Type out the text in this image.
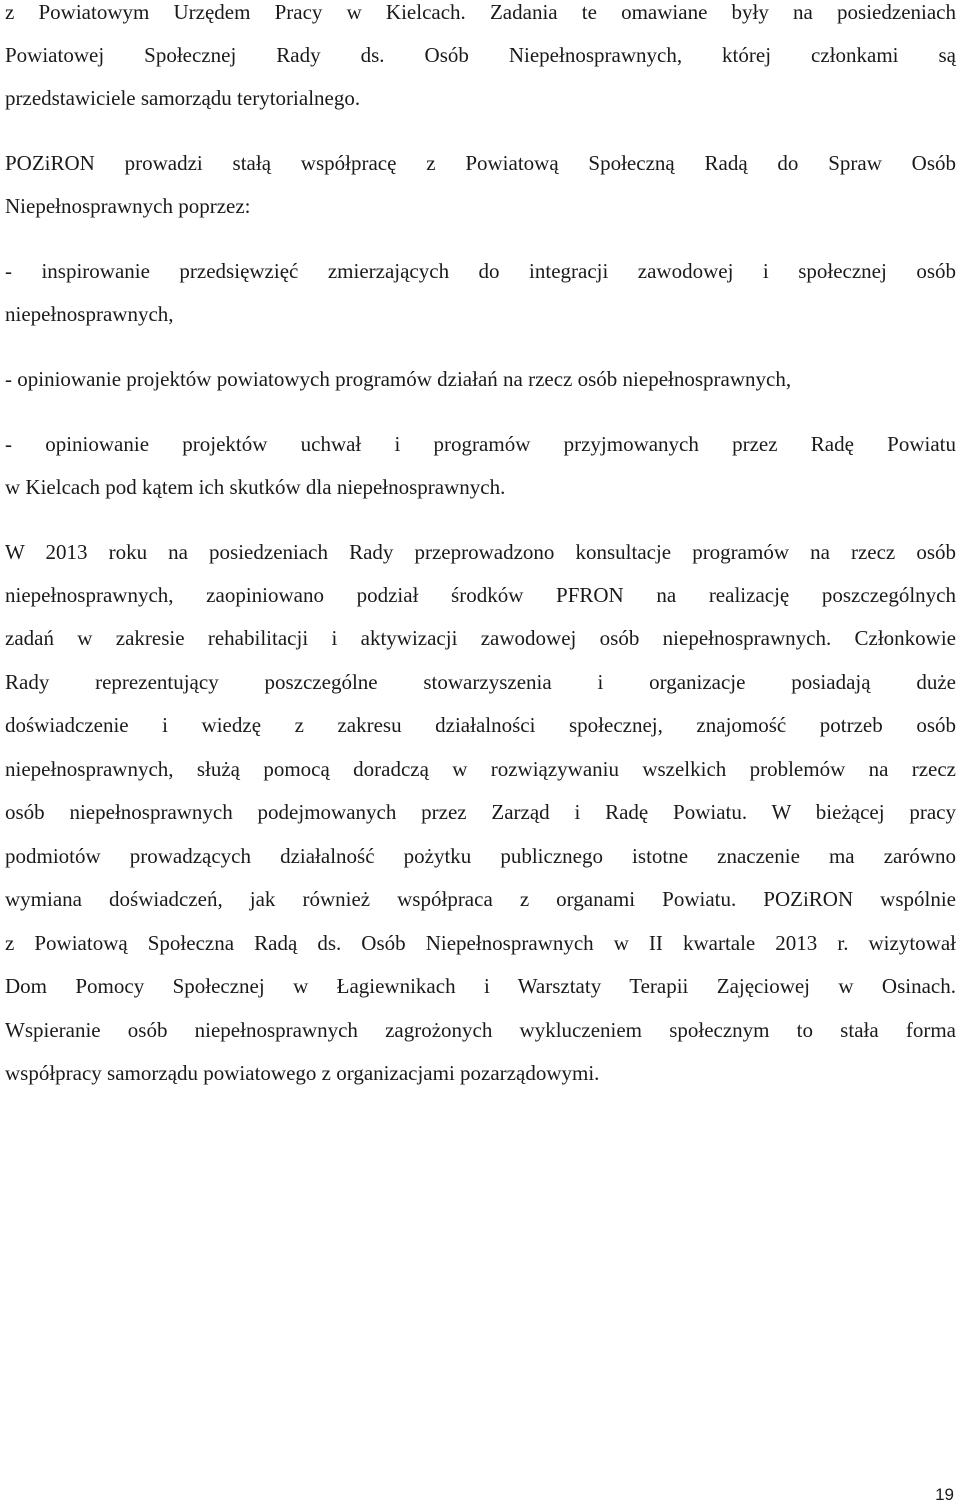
z Powiatowym Urzędem Pracy w Kielcach. Zadania te omawiane były na posiedzeniach
Powiatowej Społecznej Rady ds. Osób Niepełnosprawnych, której członkami są
przedstawiciele samorządu terytorialnego.
POZiRON prowadzi stałą współpracę z Powiatową Społeczną Radą do Spraw Osób
Niepełnosprawnych poprzez:
- inspirowanie przedsięwzięć zmierzających do integracji zawodowej i społecznej osób
niepełnosprawnych,
- opiniowanie projektów powiatowych programów działań na rzecz osób niepełnosprawnych,
- opiniowanie projektów uchwał i programów przyjmowanych przez Radę Powiatu
w Kielcach pod kątem ich skutków dla niepełnosprawnych.
W 2013 roku na posiedzeniach Rady przeprowadzono konsultacje programów na rzecz osób
niepełnosprawnych, zaopiniowano podział środków PFRON na realizację poszczególnych
zadań w zakresie rehabilitacji i aktywizacji zawodowej osób niepełnosprawnych. Członkowie
Rady reprezentujący poszczególne stowarzyszenia i organizacje posiadają duże
doświadczenie i wiedzę z zakresu działalności społecznej, znajomość potrzeb osób
niepełnosprawnych, służą pomocą doradczą w rozwiązywaniu wszelkich problemów na rzecz
osób niepełnosprawnych podejmowanych przez Zarząd i Radę Powiatu. W bieżącej pracy
podmiotów prowadzących działalność pożytku publicznego istotne znaczenie ma zarówno
wymiana doświadczeń, jak również współpraca z organami Powiatu. POZiRON wspólnie
z Powiatową Społeczna Radą ds. Osób Niepełnosprawnych w II kwartale 2013 r. wizytował
Dom Pomocy Społecznej w Łagiewnikach i Warsztaty Terapii Zajęciowej w Osinach.
Wspieranie osób niepełnosprawnych zagrożonych wykluczeniem społecznym to stała forma
współpracy samorządu powiatowego z organizacjami pozarządowymi.
19
